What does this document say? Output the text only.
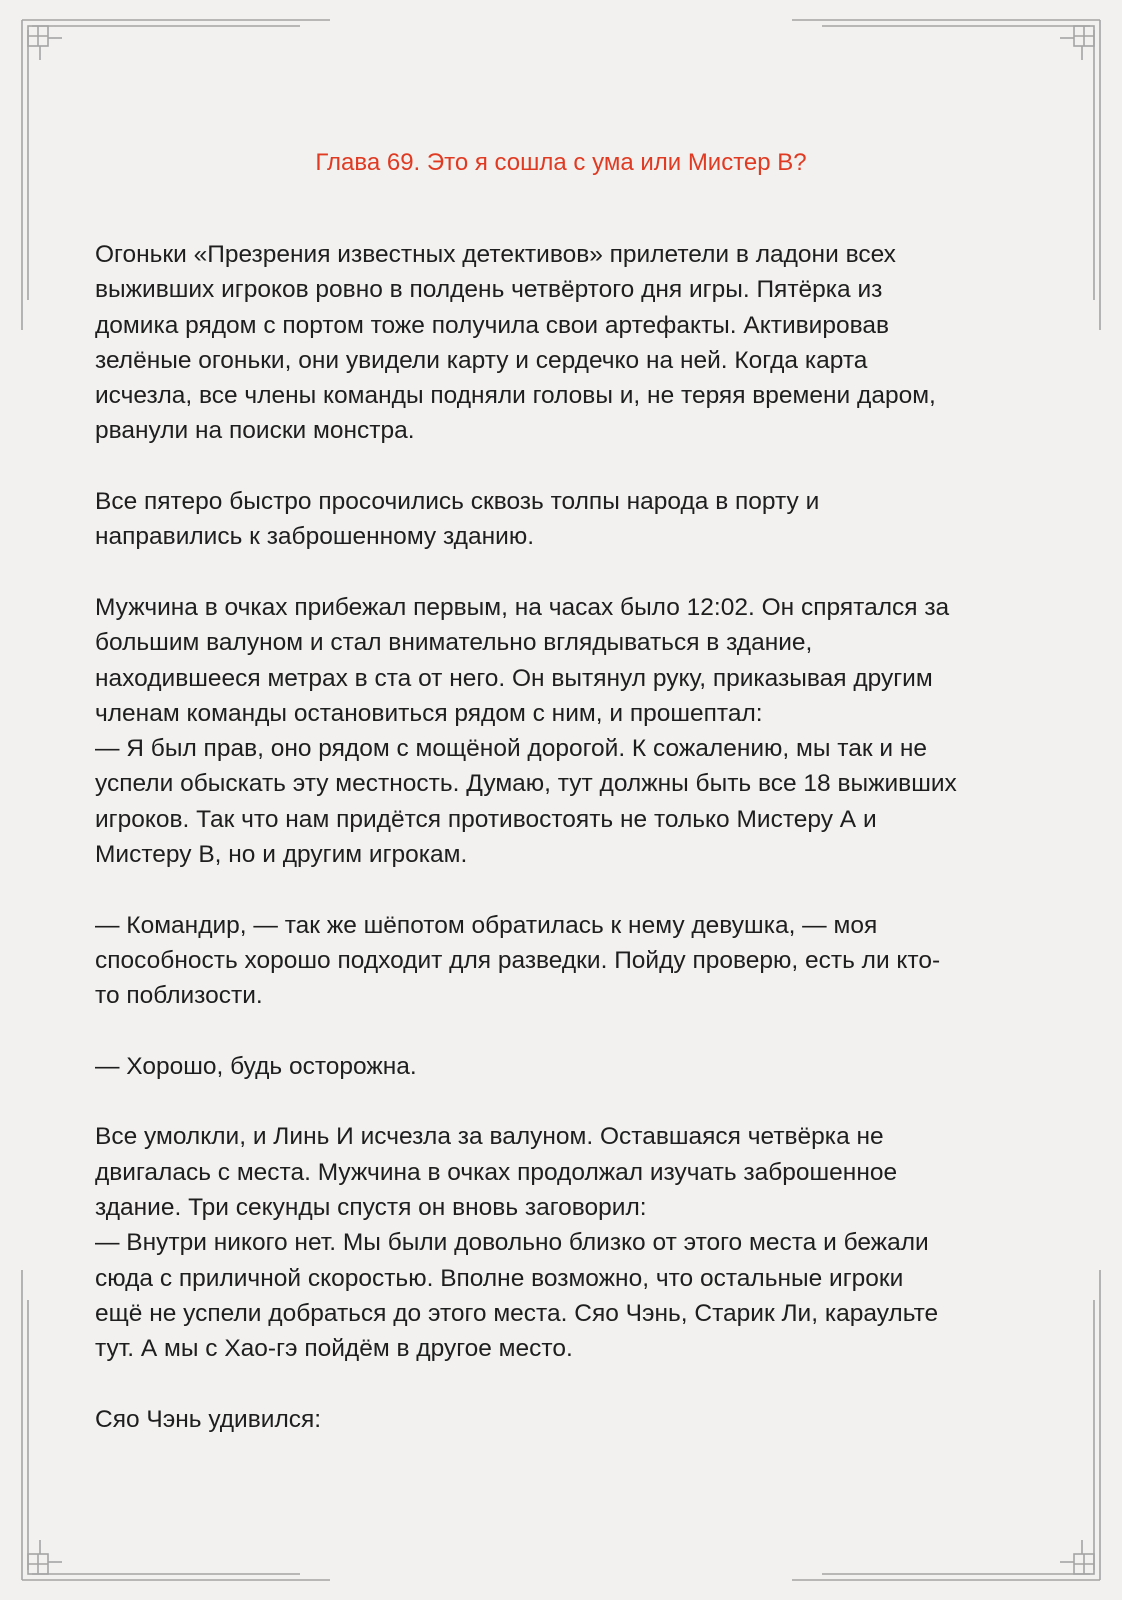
Глава 69. Это я сошла с ума или Мистер В?

Огоньки «Презрения известных детективов» прилетели в ладони всех
выживших игроков ровно в полдень четвёртого дня игры. Пятёрка из
домика рядом с портом тоже получила свои артефакты. Активировав
зелёные огоньки, они увидели карту и сердечко на ней. Когда карта
исчезла, все члены команды подняли головы и, не теряя времени даром,
рванули на поиски монстра.

Все пятеро быстро просочились сквозь толпы народа в порту и
направились к заброшенному зданию.

Мужчина в очках прибежал первым, на часах было 12:02. Он спрятался за
большим валуном и стал внимательно вглядываться в здание,
находившееся метрах в ста от него. Он вытянул руку, приказывая другим
членам команды остановиться рядом с ним, и прошептал:
— Я был прав, оно рядом с мощёной дорогой. К сожалению, мы так и не
успели обыскать эту местность. Думаю, тут должны быть все 18 выживших
игроков. Так что нам придётся противостоять не только Мистеру А и
Мистеру В, но и другим игрокам.

— Командир, — так же шёпотом обратилась к нему девушка, — моя
способность хорошо подходит для разведки. Пойду проверю, есть ли кто-
то поблизости.

— Хорошо, будь осторожна.

Все умолкли, и Линь И исчезла за валуном. Оставшаяся четвёрка не
двигалась с места. Мужчина в очках продолжал изучать заброшенное
здание. Три секунды спустя он вновь заговорил:
— Внутри никого нет. Мы были довольно близко от этого места и бежали
сюда с приличной скоростью. Вполне возможно, что остальные игроки
ещё не успели добраться до этого места. Сяо Чэнь, Старик Ли, караульте
тут. А мы с Хао-гэ пойдём в другое место.

Сяо Чэнь удивился:
